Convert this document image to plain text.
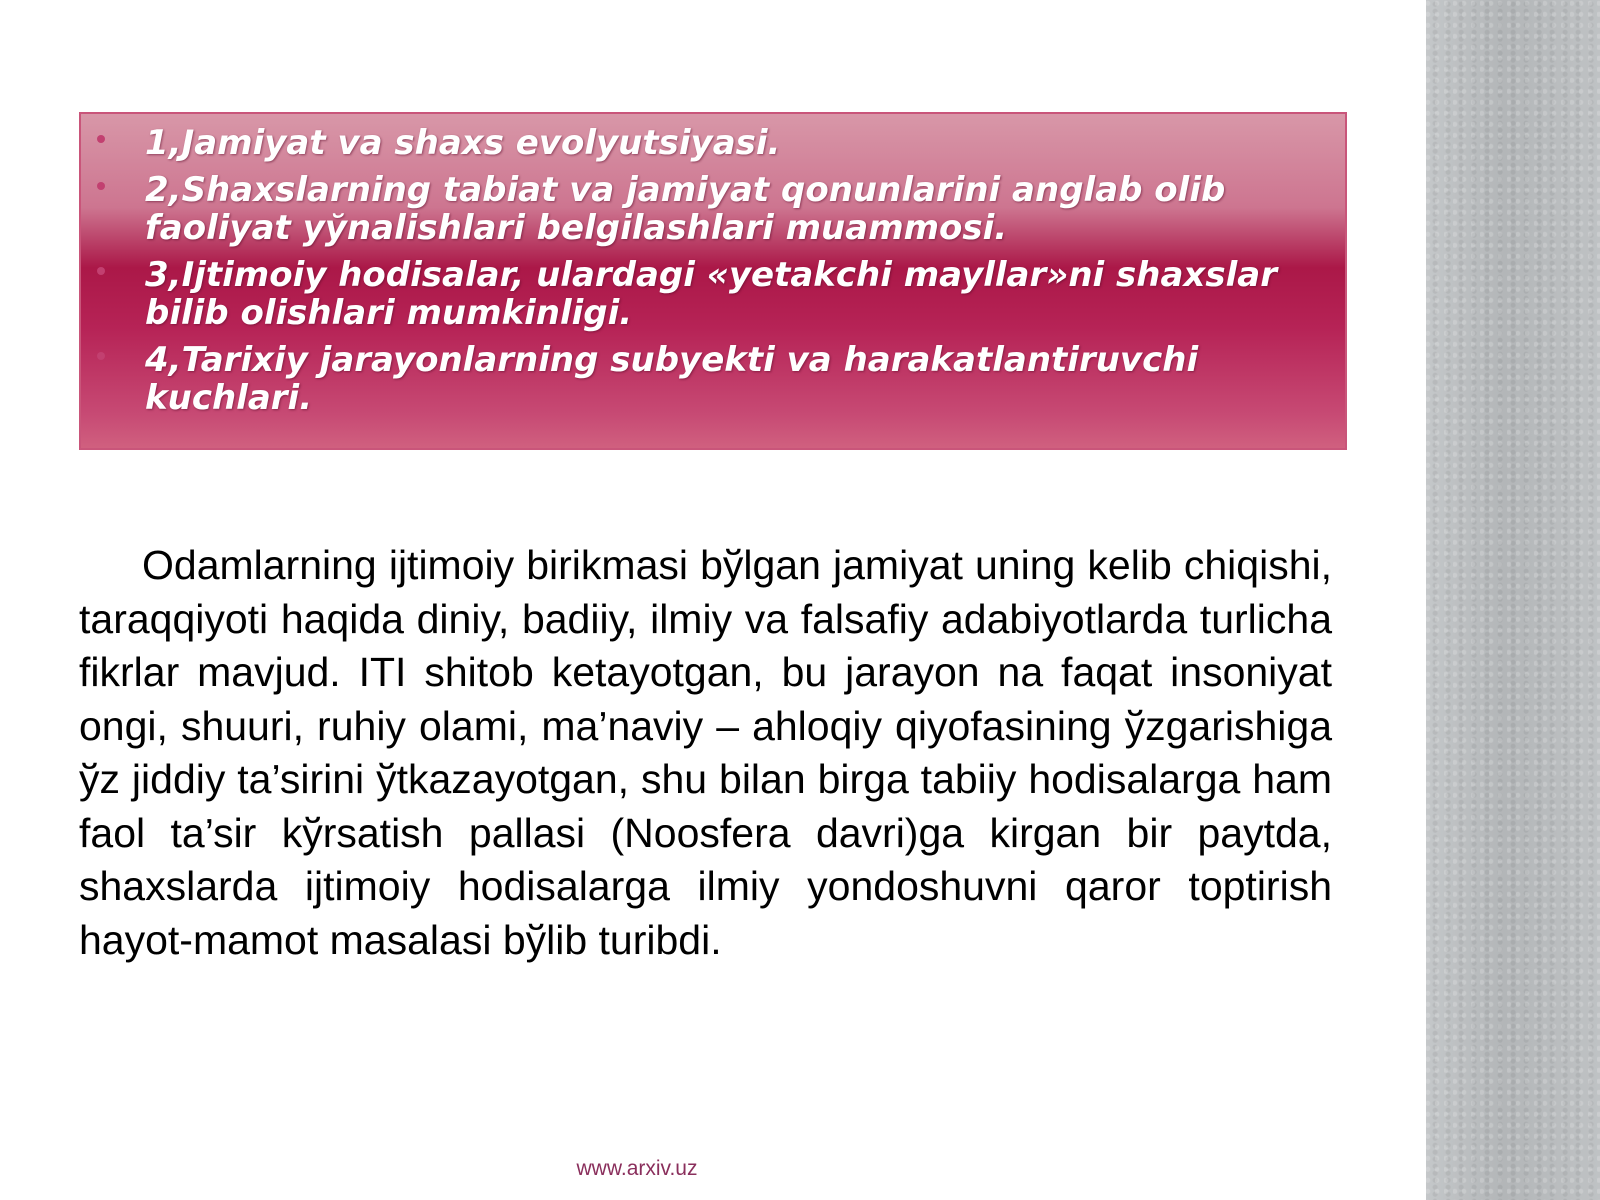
1,Jamiyat va shaxs evolyutsiyasi.
2,Shaxslarning tabiat va jamiyat qonunlarini anglab olib faoliyat yўnalishlari belgilashlari muammosi.
3,Ijtimoiy hodisalar, ulardagi «yetakchi mayllar»ni shaxslar bilib olishlari mumkinligi.
4,Tarixiy jarayonlarning subyekti va harakatlantiruvchi kuchlari.

Odamlarning ijtimoiy birikmasi bўlgan jamiyat uning kelib chiqishi, taraqqiyoti haqida diniy, badiiy, ilmiy va falsafiy adabiyotlarda turlicha fikrlar mavjud. ITI shitob ketayotgan, bu jarayon na faqat insoniyat ongi, shuuri, ruhiy olami, ma’naviy – ahloqiy qiyofasining ўzgarishiga ўz jiddiy ta’sirini ўtkazayotgan, shu bilan birga tabiiy hodisalarga ham faol ta’sir kўrsatish pallasi (Noosfera davri)ga kirgan bir paytda, shaxslarda ijtimoiy hodisalarga ilmiy yondoshuvni qaror toptirish hayot-mamot masalasi bўlib turibdi.

www.arxiv.uz
